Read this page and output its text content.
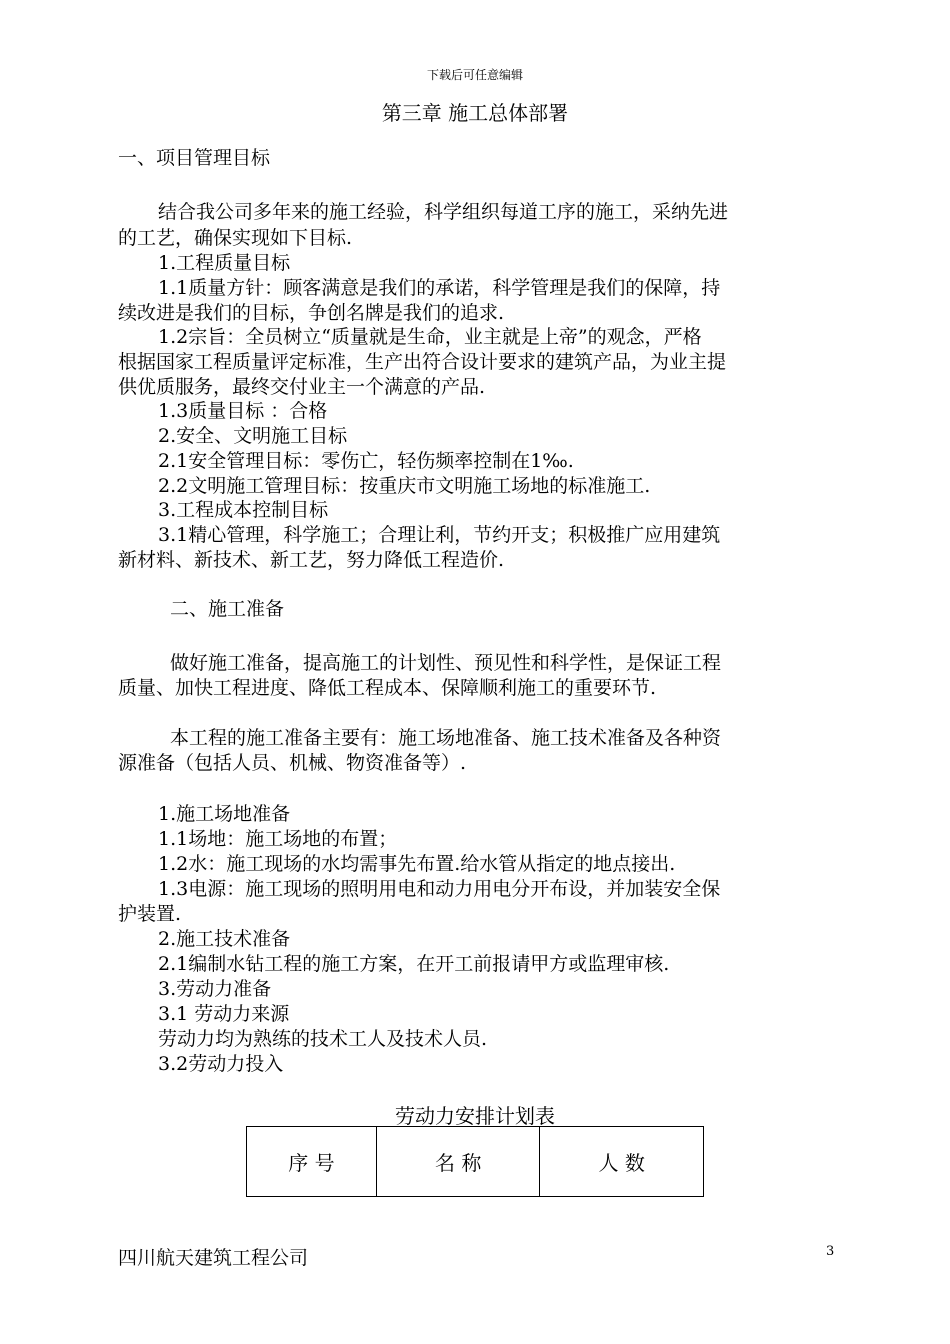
下载后可任意编辑
第三章 施工总体部署
一、项目管理目标
结合我公司多年来的施工经验，科学组织每道工序的施工，采纳先进
的工艺，确保实现如下目标.
1.工程质量目标
1.1质量方针：顾客满意是我们的承诺，科学管理是我们的保障，持
续改进是我们的目标，争创名牌是我们的追求.
1.2宗旨：全员树立“质量就是生命，业主就是上帝”的观念，严格
根据国家工程质量评定标准，生产出符合设计要求的建筑产品，为业主提
供优质服务，最终交付业主一个满意的产品.
1.3质量目标 ：合格
2.安全、文明施工目标
2.1安全管理目标：零伤亡，轻伤频率控制在1‰.
2.2文明施工管理目标：按重庆市文明施工场地的标准施工.
3.工程成本控制目标
3.1精心管理，科学施工；合理让利，节约开支；积极推广应用建筑
新材料、新技术、新工艺，努力降低工程造价.
二、施工准备
做好施工准备，提高施工的计划性、预见性和科学性，是保证工程
质量、加快工程进度、降低工程成本、保障顺利施工的重要环节.
本工程的施工准备主要有：施工场地准备、施工技术准备及各种资
源准备（包括人员、机械、物资准备等）.
1.施工场地准备
1.1场地：施工场地的布置；
1.2水：施工现场的水均需事先布置.给水管从指定的地点接出.
1.3电源：施工现场的照明用电和动力用电分开布设，并加装安全保
护装置.
2.施工技术准备
2.1编制水钻工程的施工方案，在开工前报请甲方或监理审核.
3.劳动力准备
3.1 劳动力来源
劳动力均为熟练的技术工人及技术人员.
3.2劳动力投入
劳动力安排计划表
序 号	名 称	人 数
四川航天建筑工程公司	3
